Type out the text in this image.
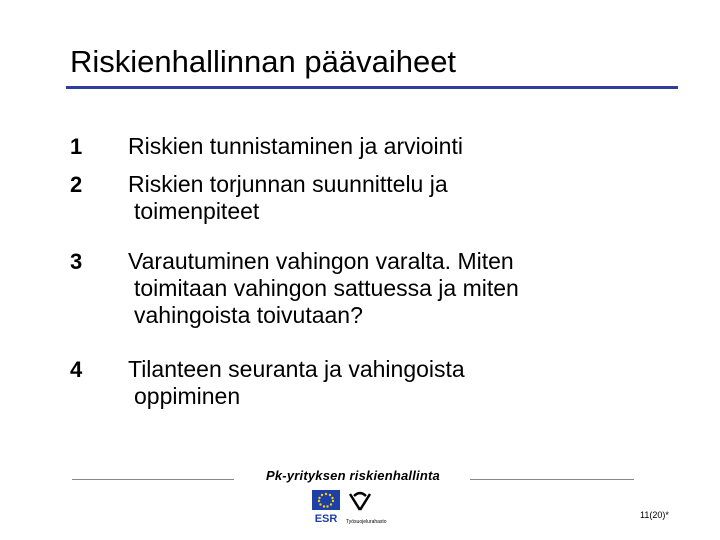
Riskienhallinnan päävaiheet
1 Riskien tunnistaminen ja arviointi
2 Riskien torjunnan suunnittelu ja
toimenpiteet
3 Varautuminen vahingon varalta. Miten
toimitaan vahingon sattuessa ja miten
vahingoista toivutaan?
4 Tilanteen seuranta ja vahingoista
oppiminen
Pk-yrityksen riskienhallinta
ESR Työsuojelurahasto
11(20)*
